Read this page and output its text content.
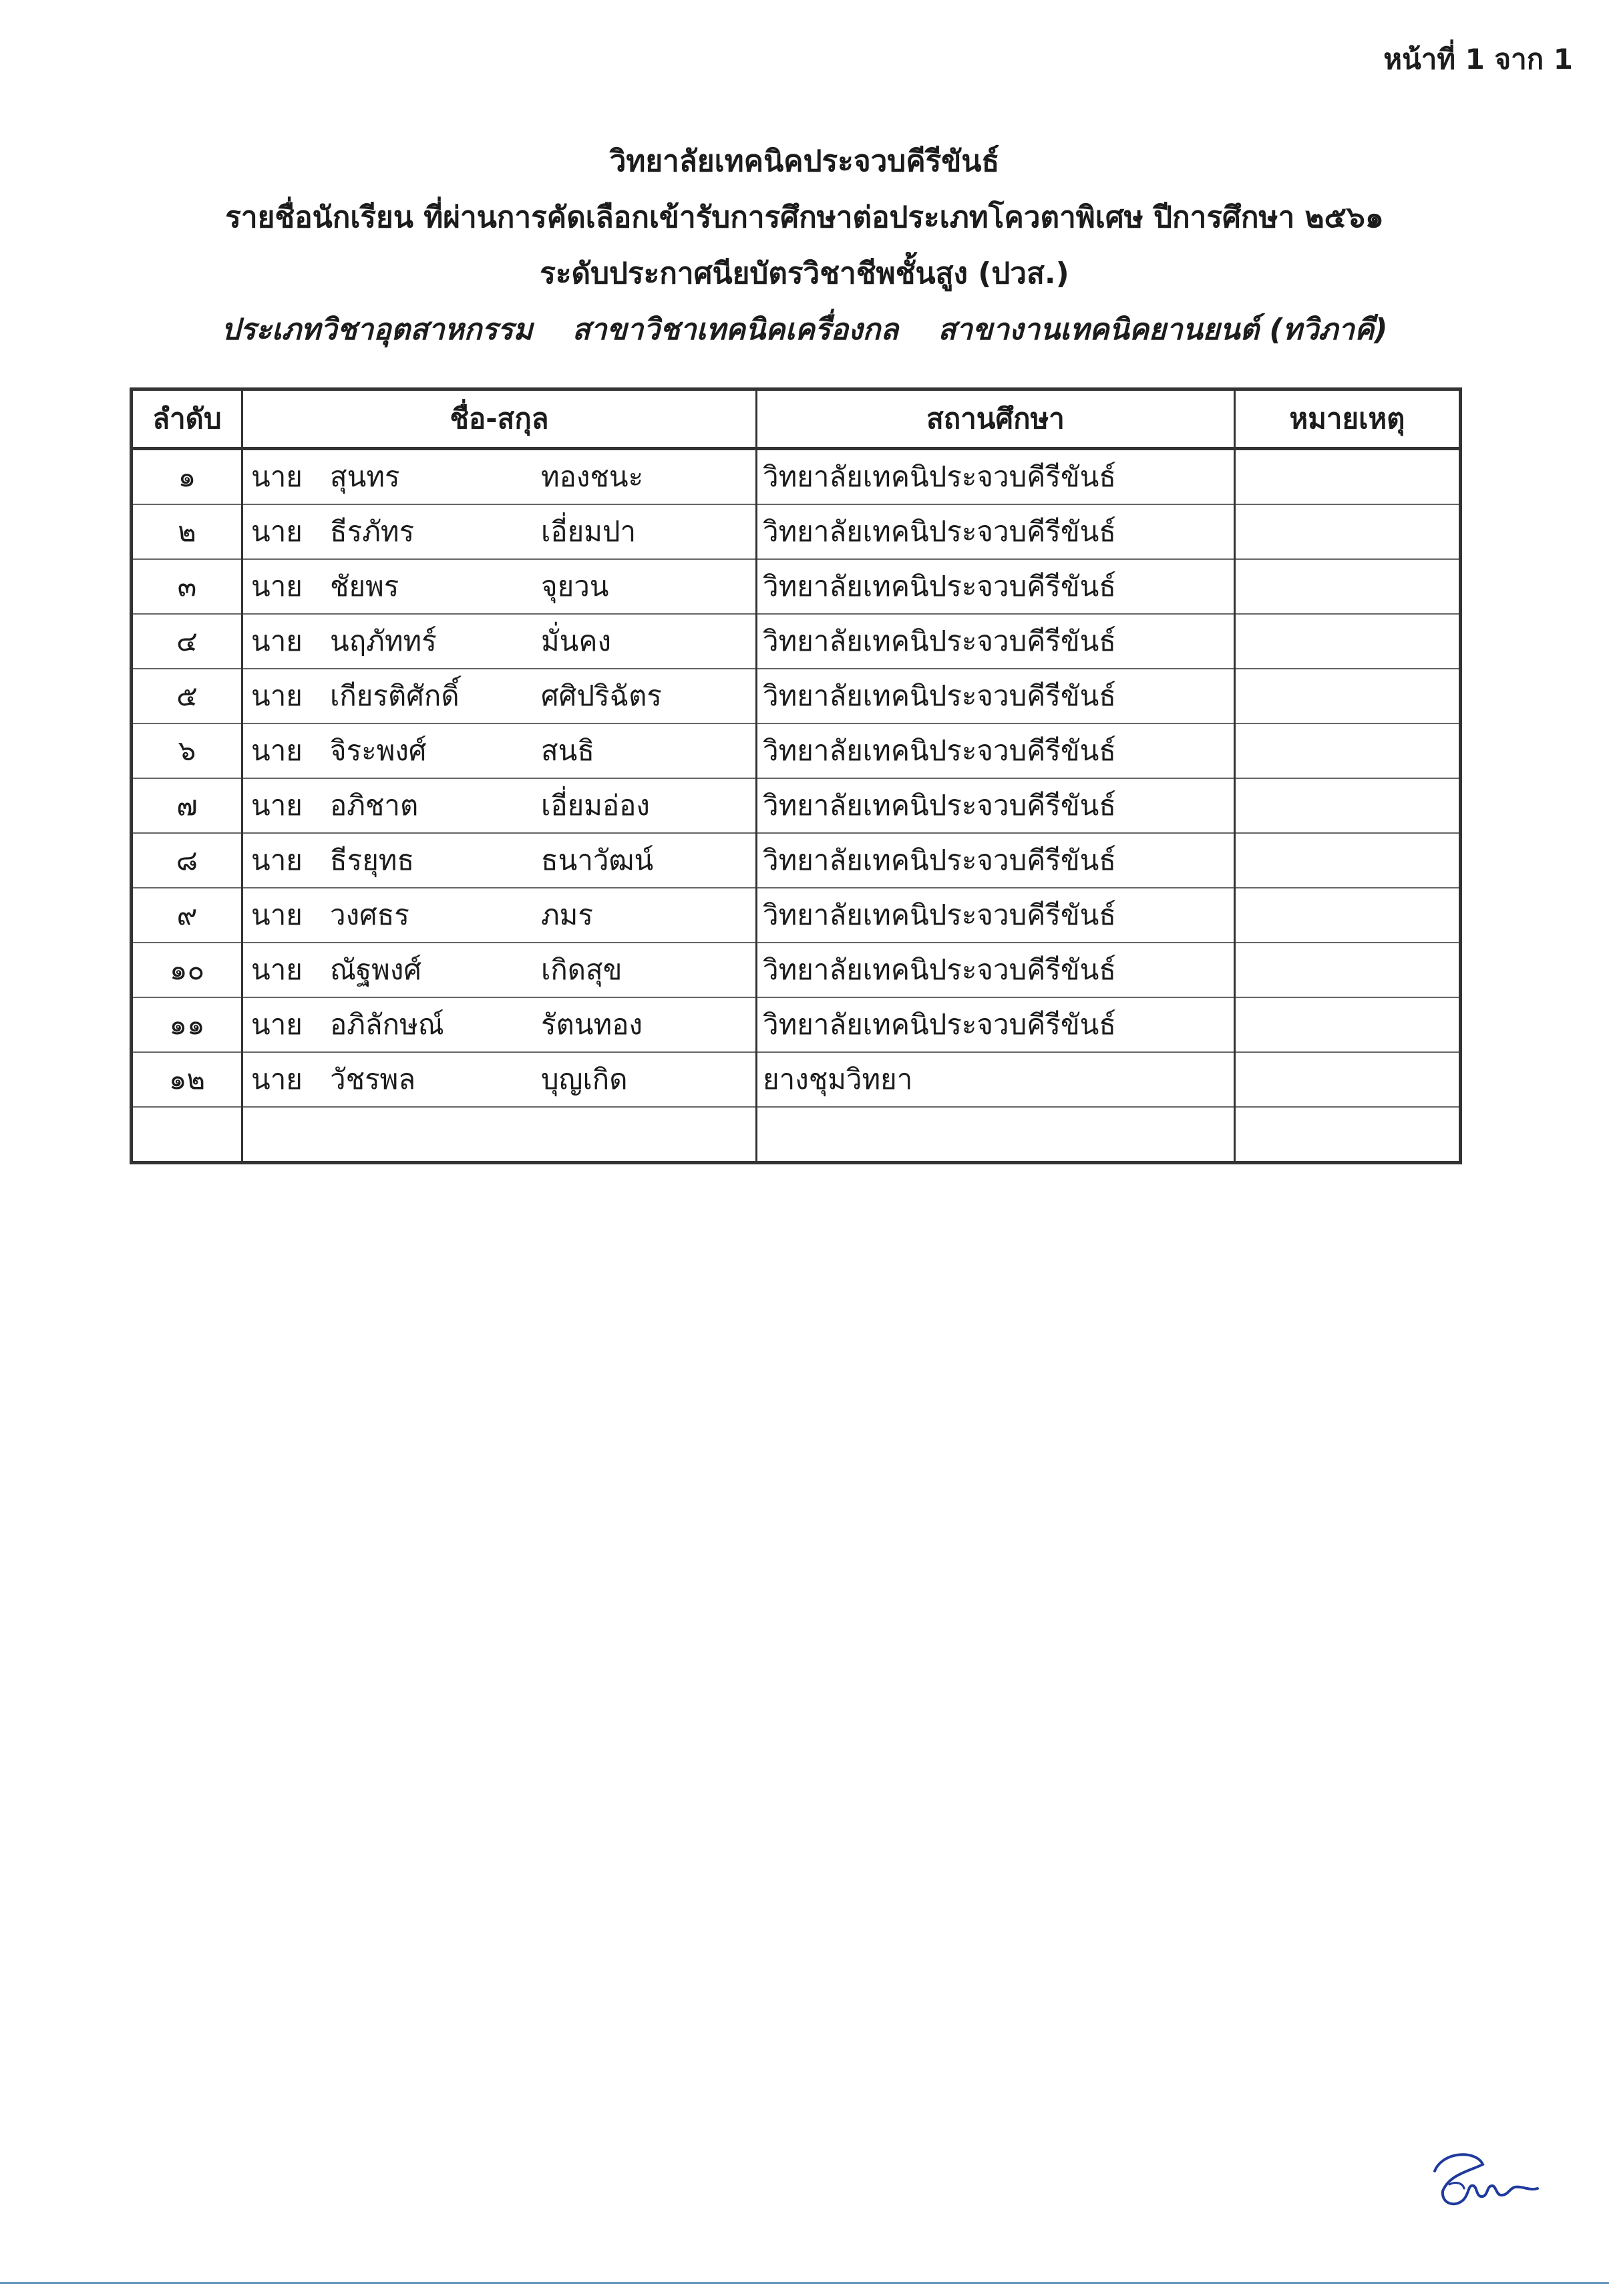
หน้าที่ 1 จาก 1
วิทยาลัยเทคนิคประจวบคีรีขันธ์
รายชื่อนักเรียน ที่ผ่านการคัดเลือกเข้ารับการศึกษาต่อประเภทโควตาพิเศษ ปีการศึกษา ๒๕๖๑
ระดับประกาศนียบัตรวิชาชีพชั้นสูง (ปวส.)
ประเภทวิชาอุตสาหกรรม สาขาวิชาเทคนิคเครื่องกล สาขางานเทคนิคยานยนต์ (ทวิภาคี)
ลำดับ	ชื่อ-สกุล	สถานศึกษา	หมายเหตุ
๑	นาย สุนทร ทองชนะ	วิทยาลัยเทคนิประจวบคีรีขันธ์	
๒	นาย ธีรภัทร เอี่ยมปา	วิทยาลัยเทคนิประจวบคีรีขันธ์	
๓	นาย ชัยพร จุยวน	วิทยาลัยเทคนิประจวบคีรีขันธ์	
๔	นาย นฤภัททร์ มั่นคง	วิทยาลัยเทคนิประจวบคีรีขันธ์	
๕	นาย เกียรติศักดิ์ ศศิปริฉัตร	วิทยาลัยเทคนิประจวบคีรีขันธ์	
๖	นาย จิระพงศ์ สนธิ	วิทยาลัยเทคนิประจวบคีรีขันธ์	
๗	นาย อภิชาต เอี่ยมอ่อง	วิทยาลัยเทคนิประจวบคีรีขันธ์	
๘	นาย ธีรยุทธ ธนาวัฒน์	วิทยาลัยเทคนิประจวบคีรีขันธ์	
๙	นาย วงศธร ภมร	วิทยาลัยเทคนิประจวบคีรีขันธ์	
๑๐	นาย ณัฐพงศ์ เกิดสุข	วิทยาลัยเทคนิประจวบคีรีขันธ์	
๑๑	นาย อภิลักษณ์ รัตนทอง	วิทยาลัยเทคนิประจวบคีรีขันธ์	
๑๒	นาย วัชรพล บุญเกิด	ยางชุมวิทยา	
